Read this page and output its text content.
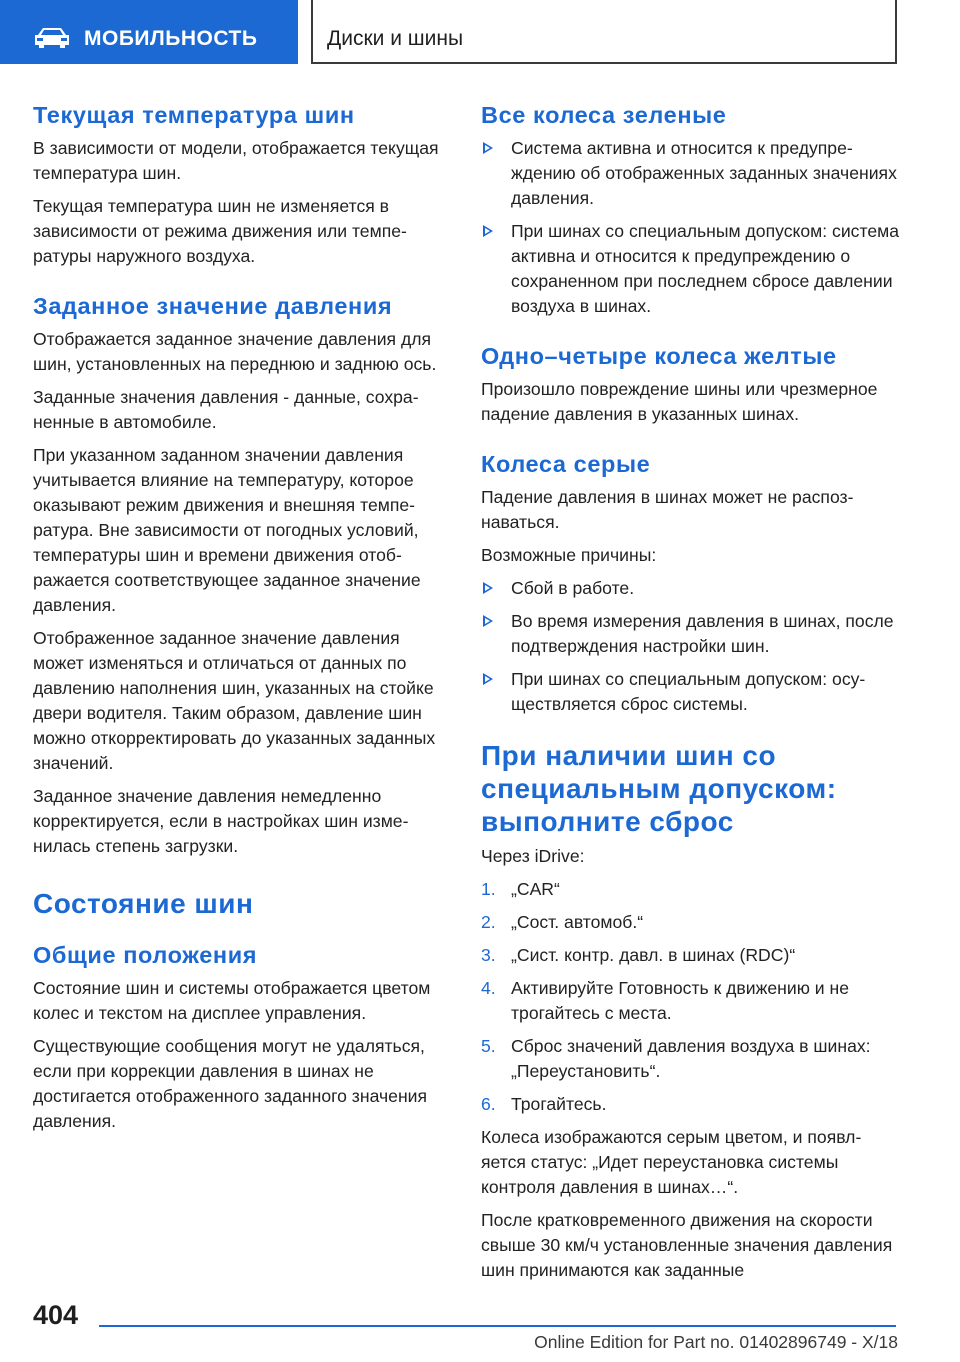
МОБИЛЬНОСТЬ	Диски и шины
Текущая температура шин

В зависимости от модели, отображается текущая температура шин.

Текущая температура шин не изменяется в зависимости от режима движения или температуры наружного воздуха.

Заданное значение давления

Отображается заданное значение давления для шин, установленных на переднюю и заднюю ось.

Заданные значения давления - данные, сохраненные в автомобиле.

При указанном заданном значении давления учитывается влияние на температуру, которое оказывают режим движения и внешняя температура. Вне зависимости от погодных условий, температуры шин и времени движения отображается соответствующее заданное значение давления.

Отображенное заданное значение давления может изменяться и отличаться от данных по давлению наполнения шин, указанных на стойке двери водителя. Таким образом, давление шин можно откорректировать до указанных заданных значений.

Заданное значение давления немедленно корректируется, если в настройках шин изменилась степень загрузки.

Состояние шин
Общие положения

Состояние шин и системы отображается цветом колес и текстом на дисплее управления.

Существующие сообщения могут не удаляться, если при коррекции давления в шинах не достигается отображенного заданного значения давления.

Все колеса зеленые
Система активна и относится к предупреждению об отображенных заданных значениях давления.
При шинах со специальным допуском: система активна и относится к предупреждению о сохраненном при последнем сбросе давлении воздуха в шинах.
Одно–четыре колеса желтые

Произошло повреждение шины или чрезмерное падение давления в указанных шинах.

Колеса серые

Падение давления в шинах может не распознаваться.

Возможные причины:

Сбой в работе.
Во время измерения давления в шинах, после подтверждения настройки шин.
При шинах со специальным допуском: осуществляется сброс системы.
При наличии шин со специальным допуском: выполните сброс

Через iDrive:

1. „CAR“
2. „Сост. автомоб.“
3. „Сист. контр. давл. в шинах (RDC)“
4. Активируйте Готовность к движению и не трогайтесь с места.
5. Сброс значений давления воздуха в шинах: „Переустановить“.
6. Трогайтесь.

Колеса изображаются серым цветом, и появляется статус: „Идет переустановка системы контроля давления в шинах…“.

После кратковременного движения на скорости свыше 30 км/ч установленные значения давления шин принимаются как заданные

404
Online Edition for Part no. 01402896749 - X/18
